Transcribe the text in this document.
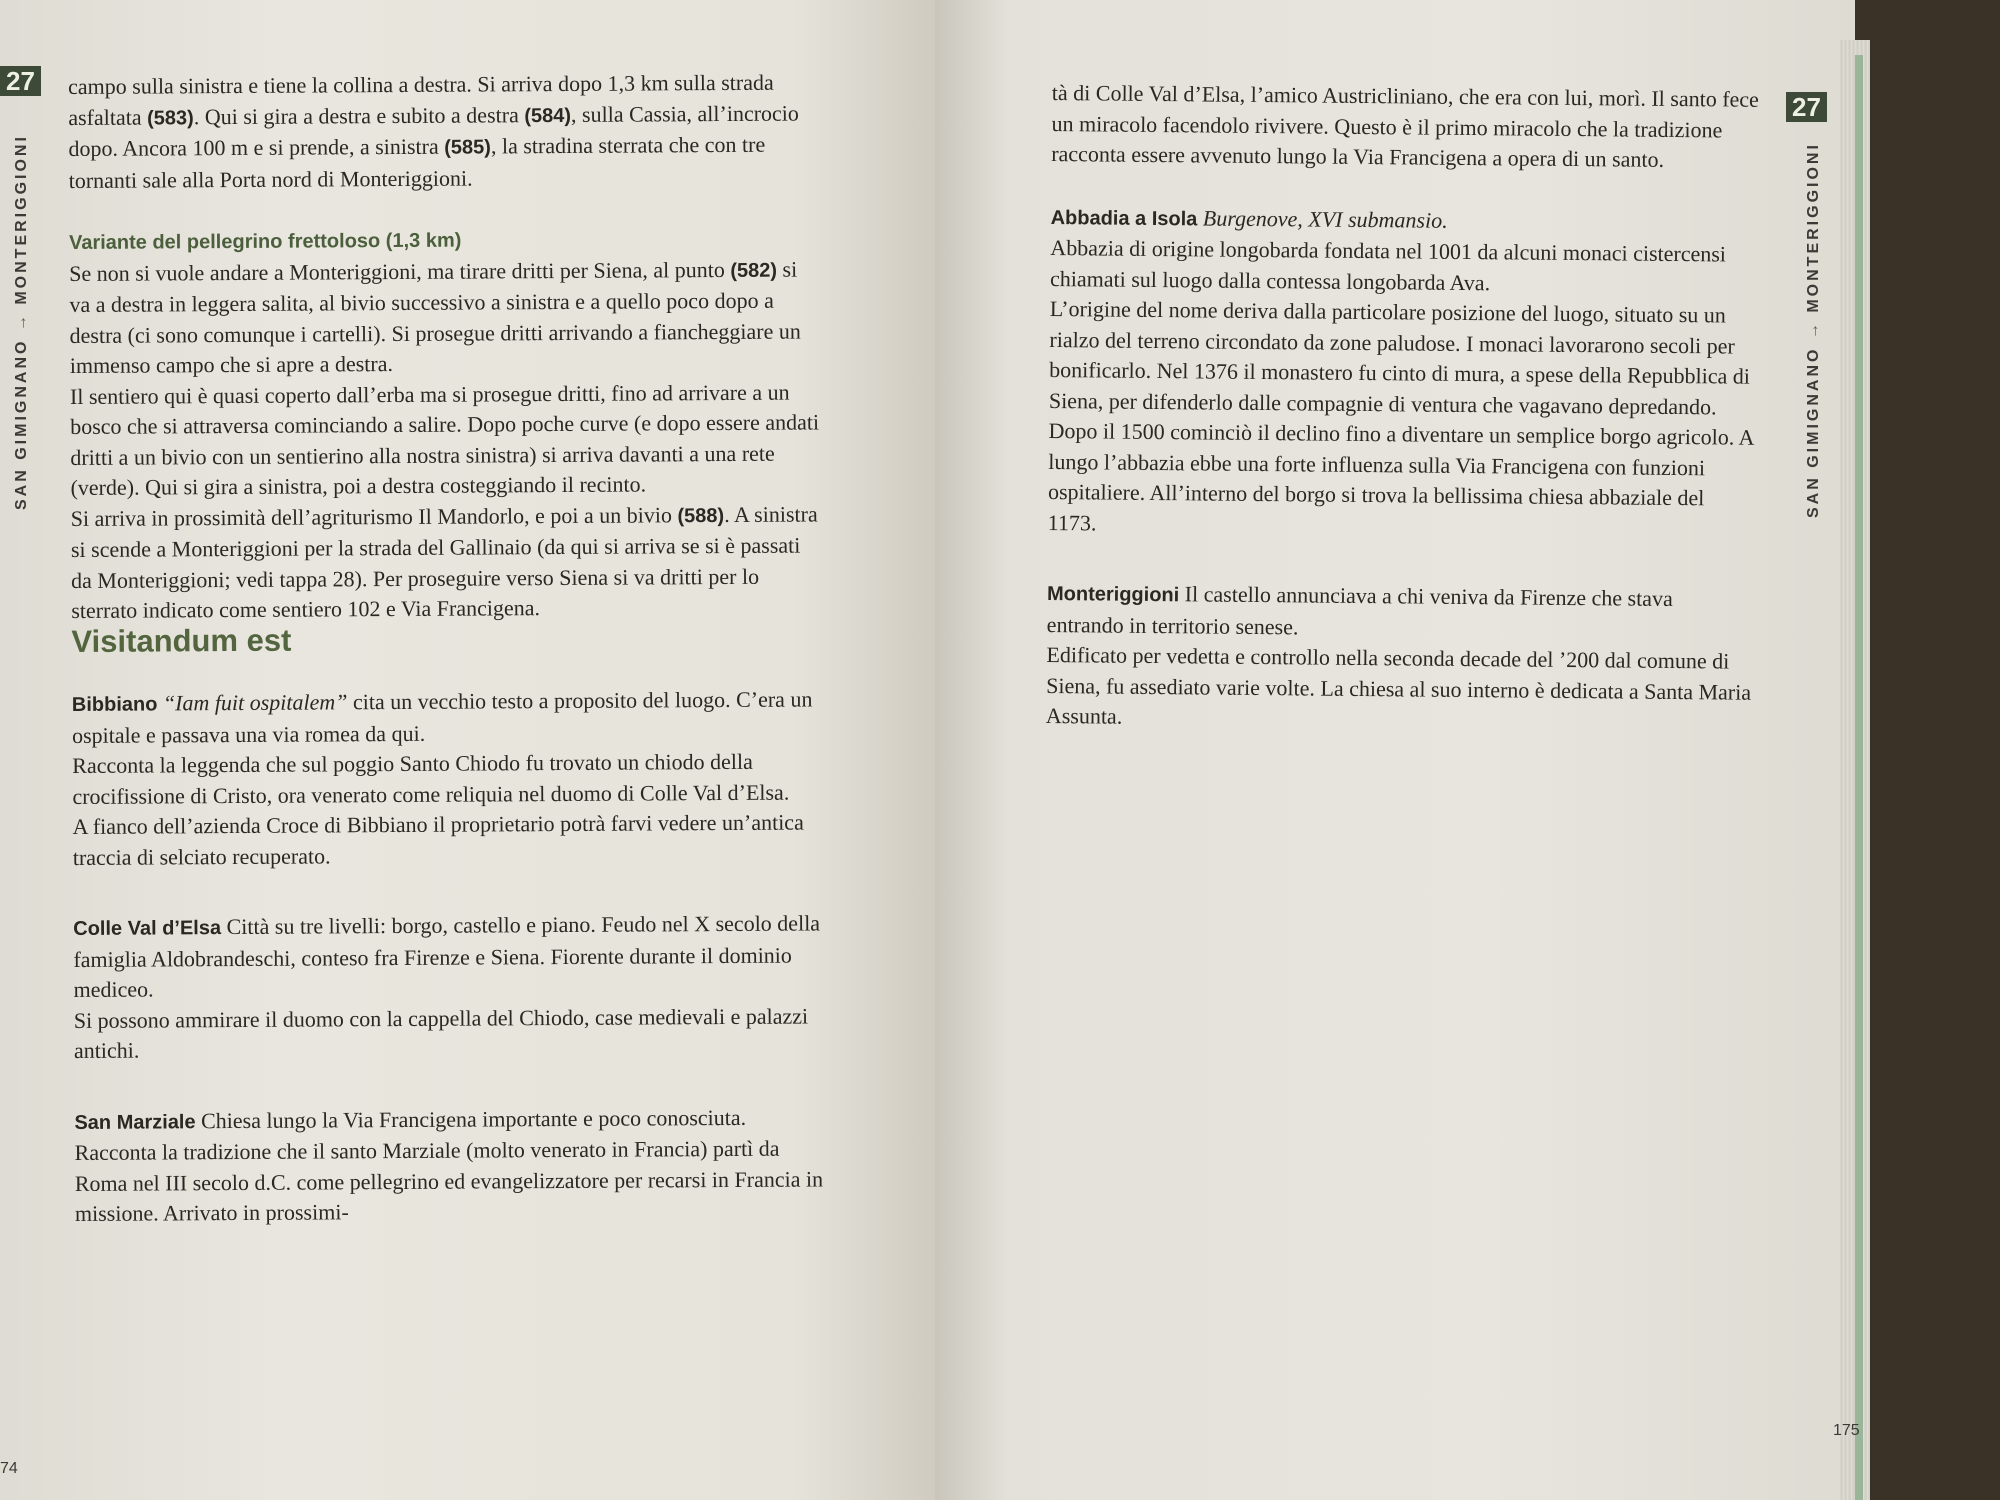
27
SAN GIMIGNANO → MONTERIGGIONI

campo sulla sinistra e tiene la collina a destra. Si arriva dopo 1,3 km sulla strada asfaltata (583). Qui si gira a destra e subito a destra (584), sulla Cassia, all’incrocio dopo. Ancora 100 m e si prende, a sinistra (585), la stradina sterrata che con tre tornanti sale alla Porta nord di Monteriggioni.

Variante del pellegrino frettoloso (1,3 km)

Se non si vuole andare a Monteriggioni, ma tirare dritti per Siena, al punto (582) si va a destra in leggera salita, al bivio successivo a sinistra e a quello poco dopo a destra (ci sono comunque i cartelli). Si prosegue dritti arrivando a fiancheggiare un immenso campo che si apre a destra.

Il sentiero qui è quasi coperto dall’erba ma si prosegue dritti, fino ad arrivare a un bosco che si attraversa cominciando a salire. Dopo poche curve (e dopo essere andati dritti a un bivio con un sentierino alla nostra sinistra) si arriva davanti a una rete (verde). Qui si gira a sinistra, poi a destra costeggiando il recinto.

Si arriva in prossimità dell’agriturismo Il Mandorlo, e poi a un bivio (588). A sinistra si scende a Monteriggioni per la strada del Gallinaio (da qui si arriva se si è passati da Monteriggioni; vedi tappa 28). Per proseguire verso Siena si va dritti per lo sterrato indicato come sentiero 102 e Via Francigena.

Visitandum est

Bibbiano “Iam fuit ospitalem” cita un vecchio testo a proposito del luogo. C’era un ospitale e passava una via romea da qui.

Racconta la leggenda che sul poggio Santo Chiodo fu trovato un chiodo della crocifissione di Cristo, ora venerato come reliquia nel duomo di Colle Val d’Elsa.

A fianco dell’azienda Croce di Bibbiano il proprietario potrà farvi vedere un’antica traccia di selciato recuperato.

Colle Val d’Elsa Città su tre livelli: borgo, castello e piano. Feudo nel X secolo della famiglia Aldobrandeschi, conteso fra Firenze e Siena. Fiorente durante il dominio mediceo.

Si possono ammirare il duomo con la cappella del Chiodo, case medievali e palazzi antichi.

San Marziale Chiesa lungo la Via Francigena importante e poco conosciuta.

Racconta la tradizione che il santo Marziale (molto venerato in Francia) partì da Roma nel III secolo d.C. come pellegrino ed evangelizzatore per recarsi in Francia in missione. Arrivato in prossimi-

74
27
SAN GIMIGNANO → MONTERIGGIONI

tà di Colle Val d’Elsa, l’amico Austricliniano, che era con lui, morì. Il santo fece un miracolo facendolo rivivere. Questo è il primo miracolo che la tradizione racconta essere avvenuto lungo la Via Francigena a opera di un santo.

Abbadia a Isola Burgenove, XVI submansio.

Abbazia di origine longobarda fondata nel 1001 da alcuni monaci cistercensi chiamati sul luogo dalla contessa longobarda Ava.

L’origine del nome deriva dalla particolare posizione del luogo, situato su un rialzo del terreno circondato da zone paludose. I monaci lavorarono secoli per bonificarlo. Nel 1376 il monastero fu cinto di mura, a spese della Repubblica di Siena, per difenderlo dalle compagnie di ventura che vagavano depredando. Dopo il 1500 cominciò il declino fino a diventare un semplice borgo agricolo. A lungo l’abbazia ebbe una forte influenza sulla Via Francigena con funzioni ospitaliere. All’interno del borgo si trova la bellissima chiesa abbaziale del 1173.

Monteriggioni Il castello annunciava a chi veniva da Firenze che stava entrando in territorio senese.

Edificato per vedetta e controllo nella seconda decade del ’200 dal comune di Siena, fu assediato varie volte. La chiesa al suo interno è dedicata a Santa Maria Assunta.

175
